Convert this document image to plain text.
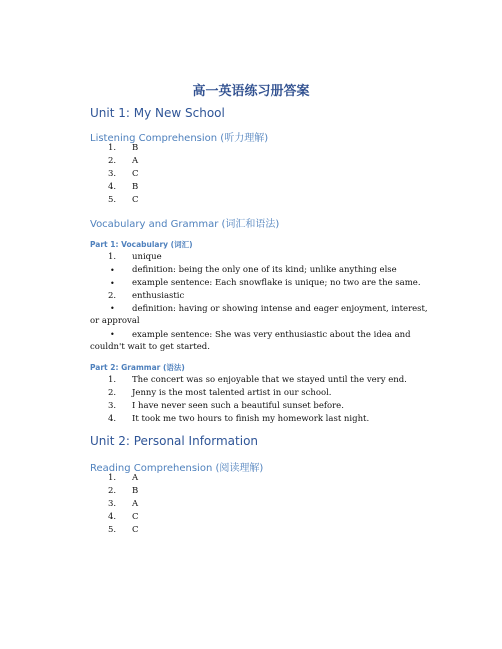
高一英语练习册答案
Unit 1: My New School
Listening Comprehension (听力理解)
1. B
2. A
3. C
4. B
5. C
Vocabulary and Grammar (词汇和语法)
Part 1: Vocabulary (词汇)
1. unique
• definition: being the only one of its kind; unlike anything else
• example sentence: Each snowflake is unique; no two are the same.
2. enthusiastic
• definition: having or showing intense and eager enjoyment, interest,
or approval
• example sentence: She was very enthusiastic about the idea and
couldn't wait to get started.
Part 2: Grammar (语法)
1. The concert was so enjoyable that we stayed until the very end.
2. Jenny is the most talented artist in our school.
3. I have never seen such a beautiful sunset before.
4. It took me two hours to finish my homework last night.
Unit 2: Personal Information
Reading Comprehension (阅读理解)
1. A
2. B
3. A
4. C
5. C
